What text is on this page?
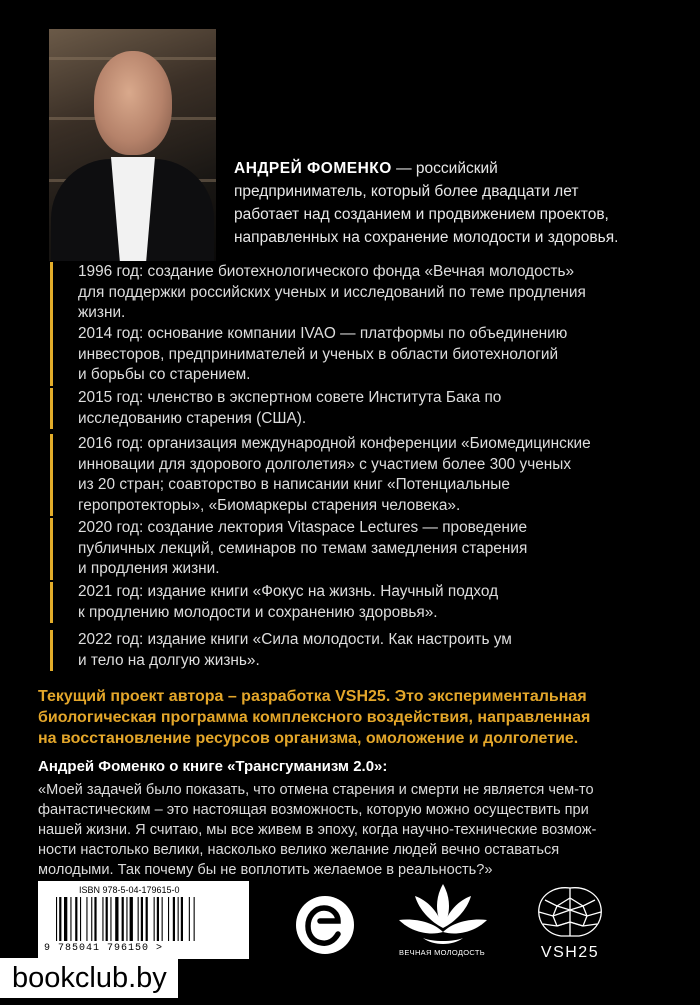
АНДРЕЙ ФОМЕНКО — российский
предприниматель, который более двадцати лет
работает над созданием и продвижением проектов,
направленных на сохранение молодости и здоровья.
1996 год: создание биотехнологического фонда «Вечная молодость»
для поддержки российских ученых и исследований по теме продления
жизни.
2014 год: основание компании IVAO — платформы по объединению
инвесторов, предпринимателей и ученых в области биотехнологий
и борьбы со старением.
2015 год: членство в экспертном совете Института Бака по
исследованию старения (США).
2016 год: организация международной конференции «Биомедицинские
инновации для здорового долголетия» с участием более 300 ученых
из 20 стран; соавторство в написании книг «Потенциальные
геропротекторы», «Биомаркеры старения человека».
2020 год: создание лектория Vitaspace Lectures — проведение
публичных лекций, семинаров по темам замедления старения
и продления жизни.
2021 год: издание книги «Фокус на жизнь. Научный подход
к продлению молодости и сохранению здоровья».
2022 год: издание книги «Сила молодости. Как настроить ум
и тело на долгую жизнь».
Текущий проект автора – разработка VSH25. Это экспериментальная
биологическая программа комплексного воздействия, направленная
на восстановление ресурсов организма, омоложение и долголетие.
Андрей Фоменко о книге «Трансгуманизм 2.0»:
«Моей задачей было показать, что отмена старения и смерти не является чем-то
фантастическим – это настоящая возможность, которую можно осуществить при
нашей жизни. Я считаю, мы все живем в эпоху, когда научно-технические возмож-
ности настолько велики, насколько велико желание людей вечно оставаться
молодыми. Так почему бы не воплотить желаемое в реальность?»
ISBN 978-5-04-179615-0
9 785041 796150 >	ВЕЧНАЯ МОЛОДОСТЬ	VSH25
bookclub.by
